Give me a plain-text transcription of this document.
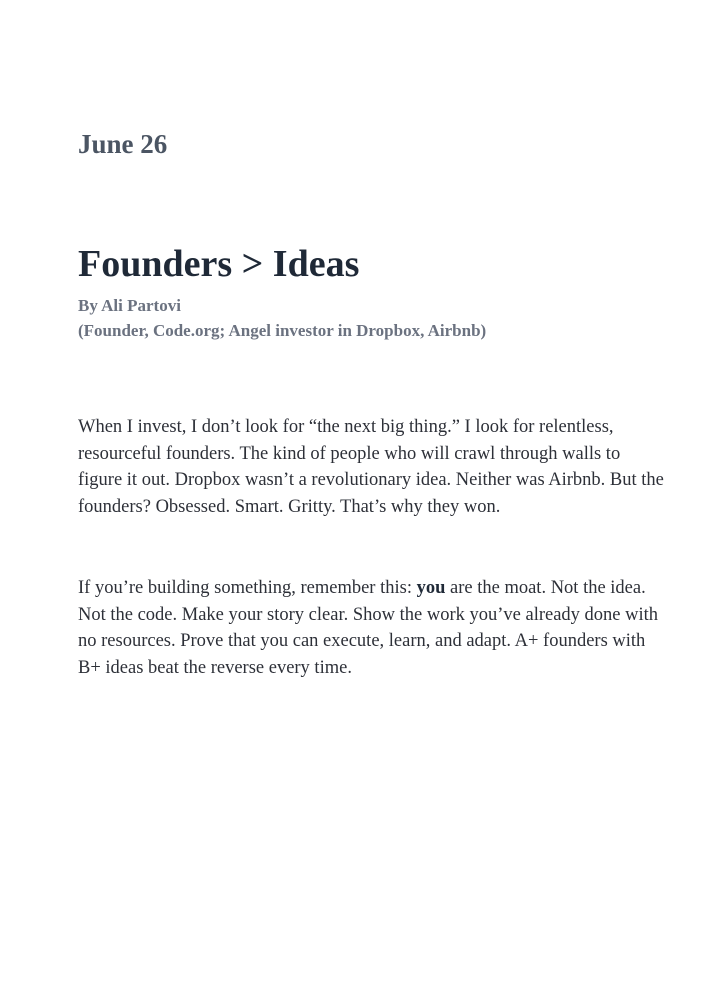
June 26
Founders > Ideas

By Ali Partovi

(Founder, Code.org; Angel investor in Dropbox, Airbnb)

When I invest, I don’t look for “the next big thing.” I look for relentless, resourceful founders. The kind of people who will crawl through walls to figure it out. Dropbox wasn’t a revolutionary idea. Neither was Airbnb. But the founders? Obsessed. Smart. Gritty. That’s why they won.

If you’re building something, remember this: you are the moat. Not the idea. Not the code. Make your story clear. Show the work you’ve already done with no resources. Prove that you can execute, learn, and adapt. A+ founders with B+ ideas beat the reverse every time.
